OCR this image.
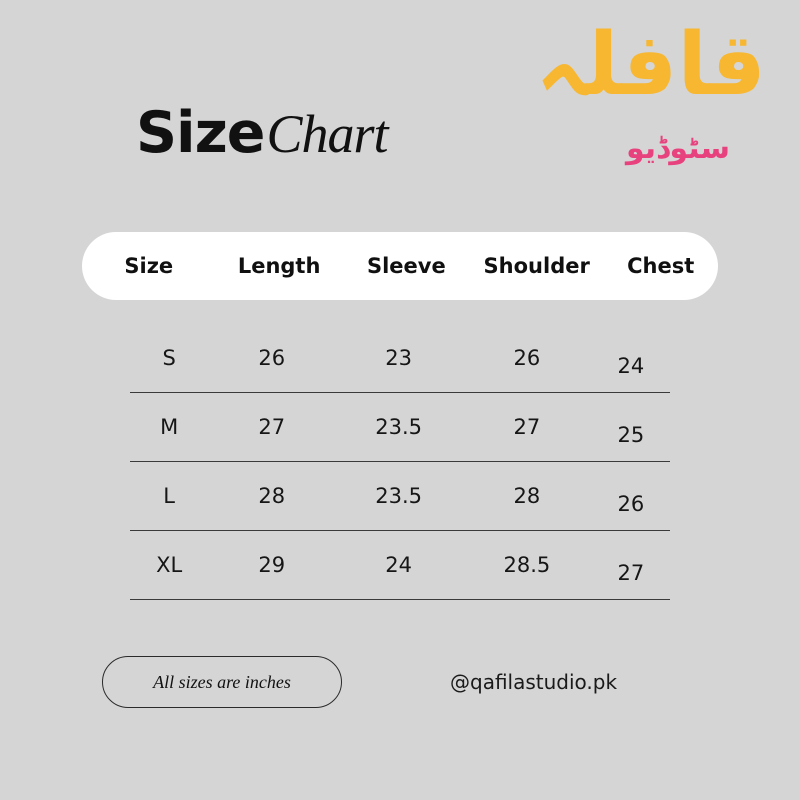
Size Chart
قافلہ
سٹوڈیو
Size	Length	Sleeve	Shoulder	Chest
S	26	23	26	24
M	27	23.5	27	25
L	28	23.5	28	26
XL	29	24	28.5	27
All sizes are inches	@qafilastudio.pk
